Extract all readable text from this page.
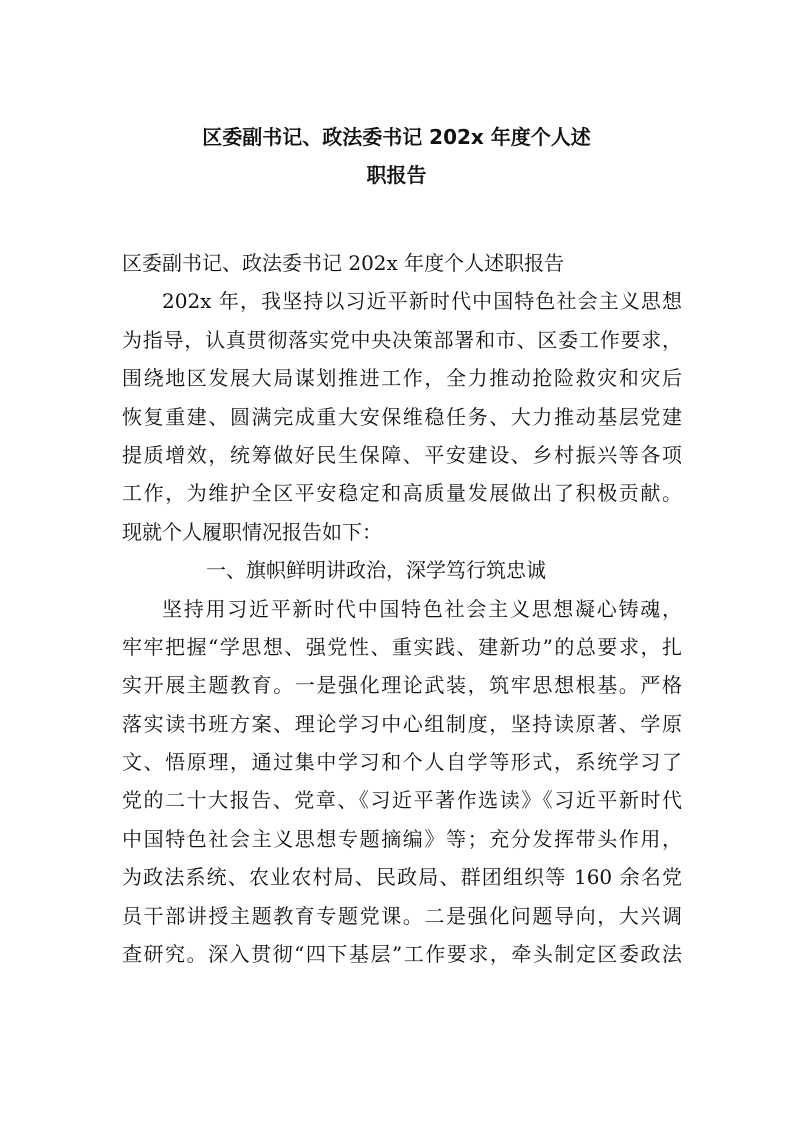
区委副书记、政法委书记 202x 年度个人述
职报告
区委副书记、政法委书记 202x 年度个人述职报告
202x 年，我坚持以习近平新时代中国特色社会主义思想
为指导，认真贯彻落实党中央决策部署和市、区委工作要求，
围绕地区发展大局谋划推进工作，全力推动抢险救灾和灾后
恢复重建、圆满完成重大安保维稳任务、大力推动基层党建
提质增效，统筹做好民生保障、平安建设、乡村振兴等各项
工作，为维护全区平安稳定和高质量发展做出了积极贡献。
现就个人履职情况报告如下：
一、旗帜鲜明讲政治，深学笃行筑忠诚
坚持用习近平新时代中国特色社会主义思想凝心铸魂，
牢牢把握“学思想、强党性、重实践、建新功”的总要求，扎
实开展主题教育。一是强化理论武装，筑牢思想根基。严格
落实读书班方案、理论学习中心组制度，坚持读原著、学原
文、悟原理，通过集中学习和个人自学等形式，系统学习了
党的二十大报告、党章、《习近平著作选读》《习近平新时代
中国特色社会主义思想专题摘编》等；充分发挥带头作用，
为政法系统、农业农村局、民政局、群团组织等 160 余名党
员干部讲授主题教育专题党课。二是强化问题导向，大兴调
查研究。深入贯彻“四下基层”工作要求，牵头制定区委政法
